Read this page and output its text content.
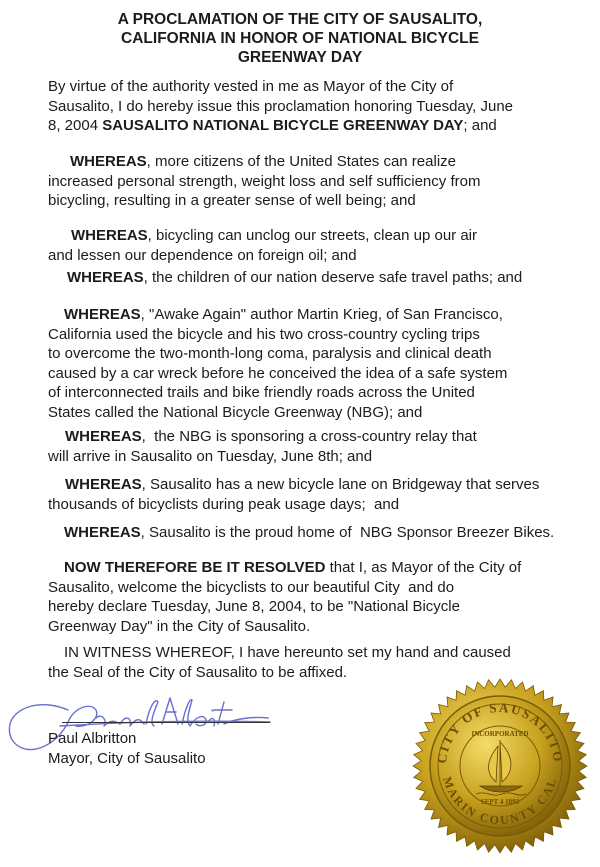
A PROCLAMATION OF THE CITY OF SAUSALITO,
CALIFORNIA IN HONOR OF NATIONAL BICYCLE
GREENWAY DAY

By virtue of the authority vested in me as Mayor of the City of
Sausalito, I do hereby issue this proclamation honoring Tuesday, June
8, 2004 SAUSALITO NATIONAL BICYCLE GREENWAY DAY; and

WHEREAS, more citizens of the United States can realize
increased personal strength, weight loss and self sufficiency from
bicycling, resulting in a greater sense of well being; and

WHEREAS, bicycling can unclog our streets, clean up our air
and lessen our dependence on foreign oil; and

WHEREAS, the children of our nation deserve safe travel paths; and

WHEREAS, "Awake Again" author Martin Krieg, of San Francisco,
California used the bicycle and his two cross-country cycling trips
to overcome the two-month-long coma, paralysis and clinical death
caused by a car wreck before he conceived the idea of a safe system
of interconnected trails and bike friendly roads across the United
States called the National Bicycle Greenway (NBG); and

WHEREAS,  the NBG is sponsoring a cross-country relay that
will arrive in Sausalito on Tuesday, June 8th; and

WHEREAS, Sausalito has a new bicycle lane on Bridgeway that serves
thousands of bicyclists during peak usage days;  and

WHEREAS, Sausalito is the proud home of  NBG Sponsor Breezer Bikes.

NOW THEREFORE BE IT RESOLVED that I, as Mayor of the City of
Sausalito, welcome the bicyclists to our beautiful City  and do
hereby declare Tuesday, June 8, 2004, to be "National Bicycle
Greenway Day" in the City of Sausalito.

IN WITNESS WHEREOF, I have hereunto set my hand and caused
the Seal of the City of Sausalito to be affixed.

Paul Albritton
Mayor, City of Sausalito	CITY OF SAUSALITO
MARIN COUNTY CAL
INCORPORATED
SEPT 4 1893
